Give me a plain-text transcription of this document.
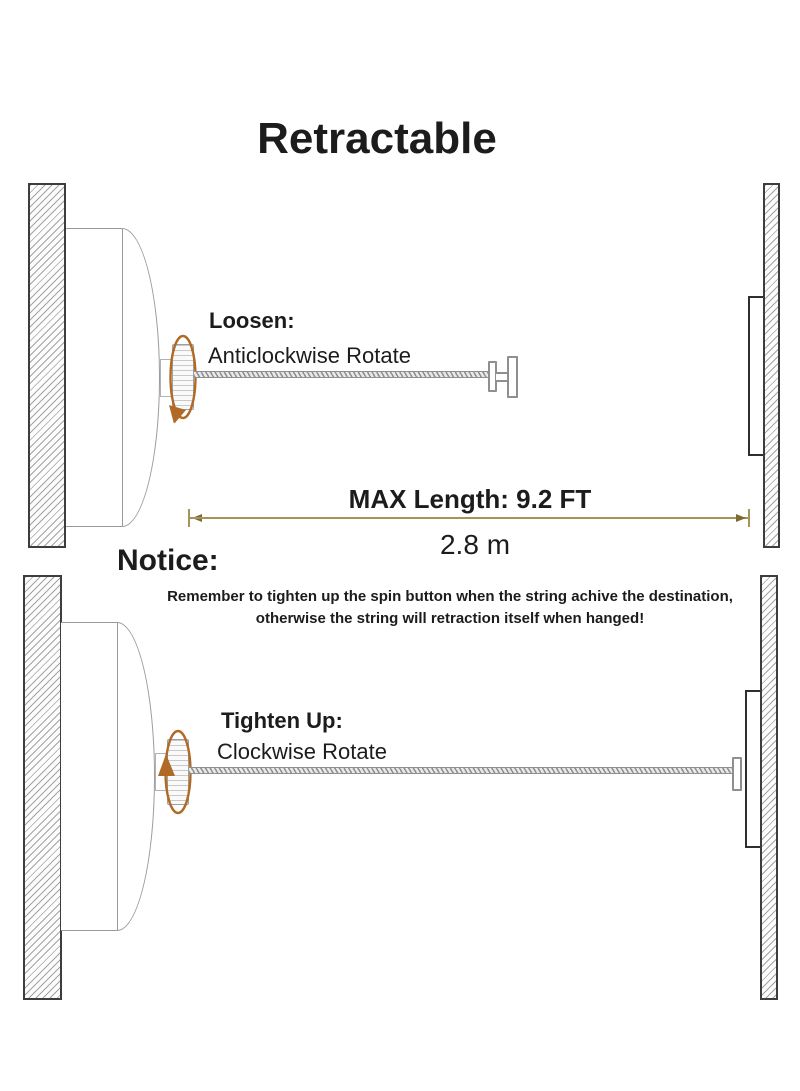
Retractable
Loosen:
Anticlockwise Rotate
MAX Length: 9.2 FT
2.8 m
Notice:
Remember to tighten up the spin button when the string achive the destination,
otherwise the string will retraction itself when hanged!
Tighten Up:
Clockwise Rotate
